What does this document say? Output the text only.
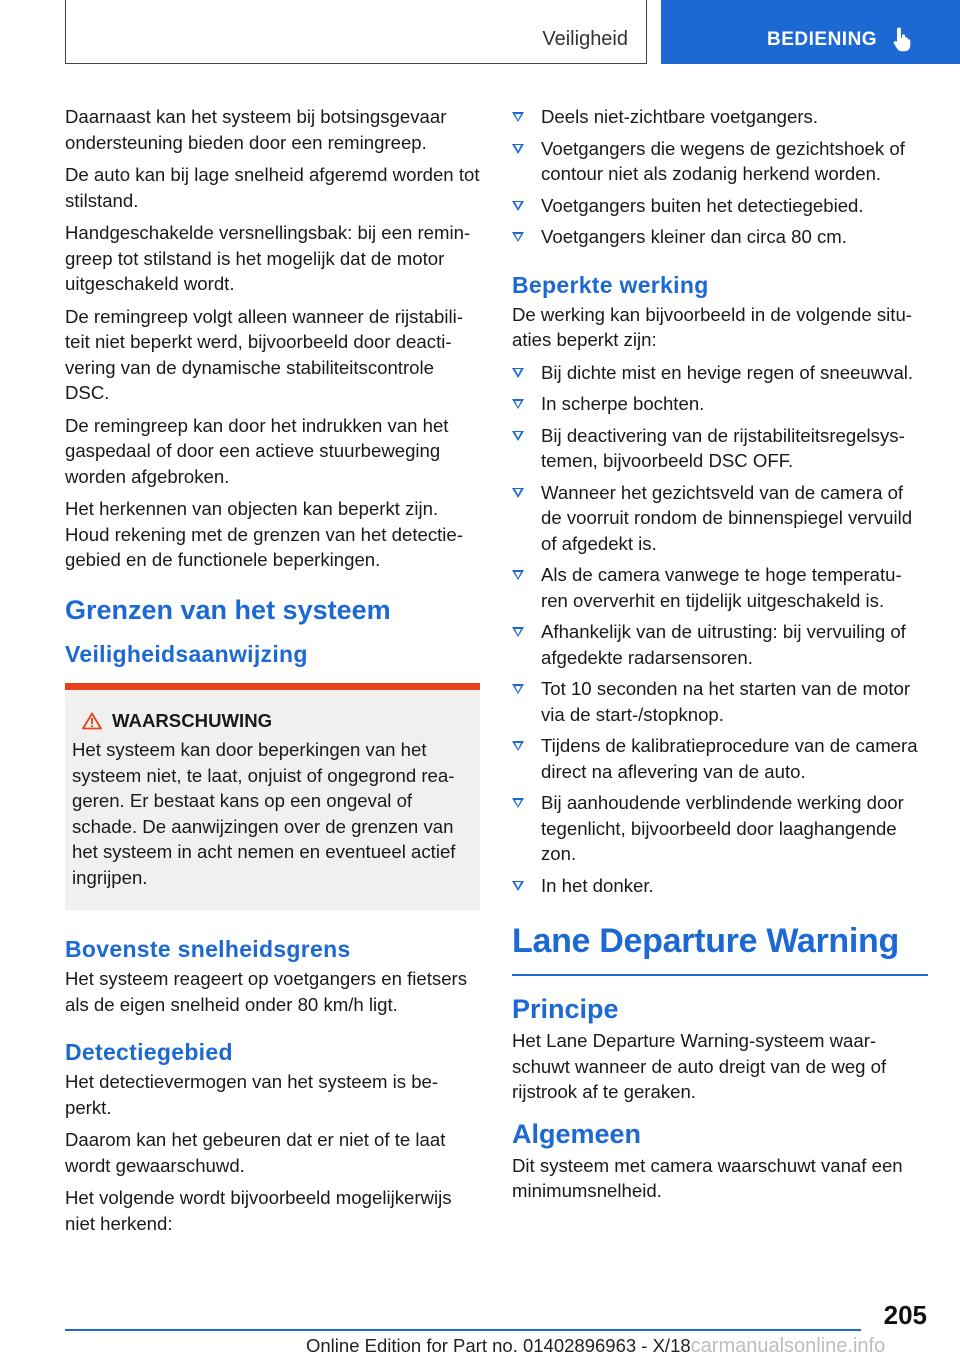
Veiligheid	BEDIENING

Daarnaast kan het systeem bij botsingsgevaar ondersteuning bieden door een remingreep.

De auto kan bij lage snelheid afgeremd worden tot stilstand.

Handgeschakelde versnellingsbak: bij een remin‐greep tot stilstand is het mogelijk dat de motor uitgeschakeld wordt.

De remingreep volgt alleen wanneer de rijstabili‐teit niet beperkt werd, bijvoorbeeld door deacti‐vering van de dynamische stabiliteitscontrole DSC.

De remingreep kan door het indrukken van het gaspedaal of door een actieve stuurbeweging worden afgebroken.

Het herkennen van objecten kan beperkt zijn. Houd rekening met de grenzen van het detectie‐gebied en de functionele beperkingen.

Grenzen van het systeem
Veiligheidsaanwijzing
WAARSCHUWING

Het systeem kan door beperkingen van het systeem niet, te laat, onjuist of ongegrond rea‐geren. Er bestaat kans op een ongeval of schade. De aanwijzingen over de grenzen van het systeem in acht nemen en eventueel actief ingrijpen.

Bovenste snelheidsgrens

Het systeem reageert op voetgangers en fietsers als de eigen snelheid onder 80 km/h ligt.

Detectiegebied

Het detectievermogen van het systeem is be‐perkt.

Daarom kan het gebeuren dat er niet of te laat wordt gewaarschuwd.

Het volgende wordt bijvoorbeeld mogelijkerwijs niet herkend:

Deels niet-zichtbare voetgangers.
Voetgangers die wegens de gezichtshoek of contour niet als zodanig herkend worden.
Voetgangers buiten het detectiegebied.
Voetgangers kleiner dan circa 80 cm.
Beperkte werking

De werking kan bijvoorbeeld in de volgende situ‐aties beperkt zijn:

Bij dichte mist en hevige regen of sneeuwval.
In scherpe bochten.
Bij deactivering van de rijstabiliteitsregelsys‐temen, bijvoorbeeld DSC OFF.
Wanneer het gezichtsveld van de camera of de voorruit rondom de binnenspiegel vervuild of afgedekt is.
Als de camera vanwege te hoge temperatu‐ren oververhit en tijdelijk uitgeschakeld is.
Afhankelijk van de uitrusting: bij vervuiling of afgedekte radarsensoren.
Tot 10 seconden na het starten van de motor via de start-/stopknop.
Tijdens de kalibratieprocedure van de camera direct na aflevering van de auto.
Bij aanhoudende verblindende werking door tegenlicht, bijvoorbeeld door laaghangende zon.
In het donker.
Lane Departure Warning
Principe

Het Lane Departure Warning-systeem waar‐schuwt wanneer de auto dreigt van de weg of rijstrook af te geraken.

Algemeen

Dit systeem met camera waarschuwt vanaf een minimumsnelheid.

205
Online Edition for Part no. 01402896963 - X/18carmanualsonline.info
